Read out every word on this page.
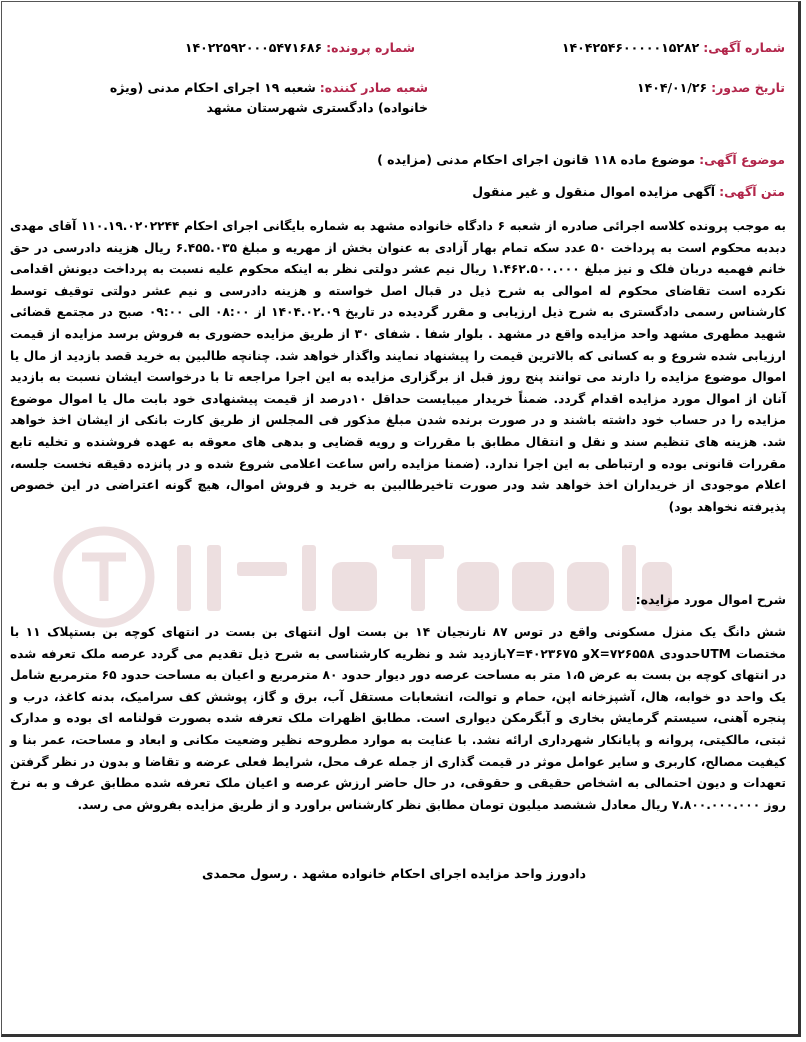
شماره آگهی: ۱۴۰۴۲۵۴۶۰۰۰۰۰۱۵۲۸۲
شماره پرونده: ۱۴۰۲۲۵۹۲۰۰۰۵۴۷۱۶۸۶
تاریخ صدور: ۱۴۰۴/۰۱/۲۶
شعبه صادر کننده: شعبه ۱۹ اجرای احکام مدنی (ویژه خانواده) دادگستری شهرستان مشهد
موضوع آگهی: موضوع ماده ۱۱۸ قانون اجرای احکام مدنی (مزایده )
متن آگهی: آگهی مزایده اموال منقول و غیر منقول
به موجب پرونده کلاسه اجرائی صادره از شعبه ۶ دادگاه خانواده مشهد به شماره بایگانی اجرای احکام ۱۱۰.۱۹.۰۲۰۲۲۴۴ آقای مهدی دبدبه محکوم است به پرداخت ۵۰ عدد سکه تمام بهار آزادی به عنوان بخش از مهریه و مبلغ ۶.۴۵۵.۰۳۵ ریال هزینه دادرسی در حق خانم فهمیه دربان فلک و نیز مبلغ ۱.۴۶۲.۵۰۰.۰۰۰ ریال نیم عشر دولتی نظر به اینکه محکوم علیه نسبت به پرداخت دیونش اقدامی نکرده است تقاضای محکوم له اموالی به شرح ذیل در قبال اصل خواسته و هزینه دادرسی و نیم عشر دولتی توقیف توسط کارشناس رسمی دادگستری به شرح ذیل ارزیابی و مقرر گردیده در تاریخ ۱۴۰۴.۰۲.۰۹ از ۰۸:۰۰ الی ۰۹:۰۰ صبح در مجتمع قضائی شهید مطهری مشهد واحد مزایده واقع در مشهد . بلوار شفا . شفای ۳۰ از طریق مزایده حضوری به فروش برسد مزایده از قیمت ارزیابی شده شروع و به کسانی که بالاترین قیمت را پیشنهاد نمایند واگذار خواهد شد. چنانچه طالبین به خرید قصد بازدید از مال یا اموال موضوع مزایده را دارند می توانند پنج روز قبل از برگزاری مزایده به این اجرا مراجعه تا با درخواست ایشان نسبت به بازدید آنان از اموال مورد مزایده اقدام گردد. ضمناً خریدار میبایست حداقل ۱۰درصد از قیمت پیشنهادی خود بابت مال یا اموال موضوع مزایده را در حساب خود داشته باشند و در صورت برنده شدن مبلغ مذکور فی المجلس از طریق کارت بانکی از ایشان اخذ خواهد شد. هزینه های تنظیم سند و نقل و انتقال مطابق با مقررات و رویه قضایی و بدهی های معوقه به عهده فروشنده و تخلیه تابع مقررات قانونی بوده و ارتباطی به این اجرا ندارد. (ضمنا مزایده راس ساعت اعلامی شروع شده و در پانزده دقیقه نخست جلسه، اعلام موجودی از خریداران اخذ خواهد شد ودر صورت تاخیرطالبین به خرید و فروش اموال، هیچ گونه اعتراضی در این خصوص پذیرفته نخواهد بود)
شرح اموال مورد مزایده:
شش دانگ یک منزل مسکونی واقع در توس ۸۷ نارنجیان ۱۴ بن بست اول انتهای بن بست در انتهای کوچه بن بستپلاک ۱۱ با مختصات UTMحدودی X=۷۲۶۵۵۸و Y=۴۰۲۳۶۷۵بازدید شد و نظریه کارشناسی به شرح ذیل تقدیم می گردد عرصه ملک تعرفه شده در انتهای کوچه بن بست به عرض ۱،۵ متر به مساحت عرصه دور دیوار حدود ۸۰ مترمربع و اعیان به مساحت حدود ۶۵ مترمربع شامل یک واحد دو خوابه، هال، آشپزخانه اپن، حمام و توالت، انشعابات مستقل آب، برق و گاز، پوشش کف سرامیک، بدنه کاغذ، درب و پنجره آهنی، سیستم گرمایش بخاری و آبگرمکن دیواری است. مطابق اظهرات ملک تعرفه شده بصورت قولنامه ای بوده و مدارک ثبتی، مالکیتی، پروانه و پایانکار شهرداری ارائه نشد. با عنایت به موارد مطروحه نظیر وضعیت مکانی و ابعاد و مساحت، عمر بنا و کیفیت مصالح، کاربری و سایر عوامل موثر در قیمت گذاری از جمله عرف محل، شرایط فعلی عرضه و تقاضا و بدون در نظر گرفتن تعهدات و دیون احتمالی به اشخاص حقیقی و حقوقی، در حال حاضر ارزش عرصه و اعیان ملک تعرفه شده مطابق عرف و به نرخ روز ۷.۸۰۰.۰۰۰.۰۰۰ ریال معادل ششصد میلیون تومان مطابق نظر کارشناس براورد و از طریق مزایده بفروش می رسد.
دادورز واحد مزایده اجرای احکام خانواده مشهد . رسول محمدی
